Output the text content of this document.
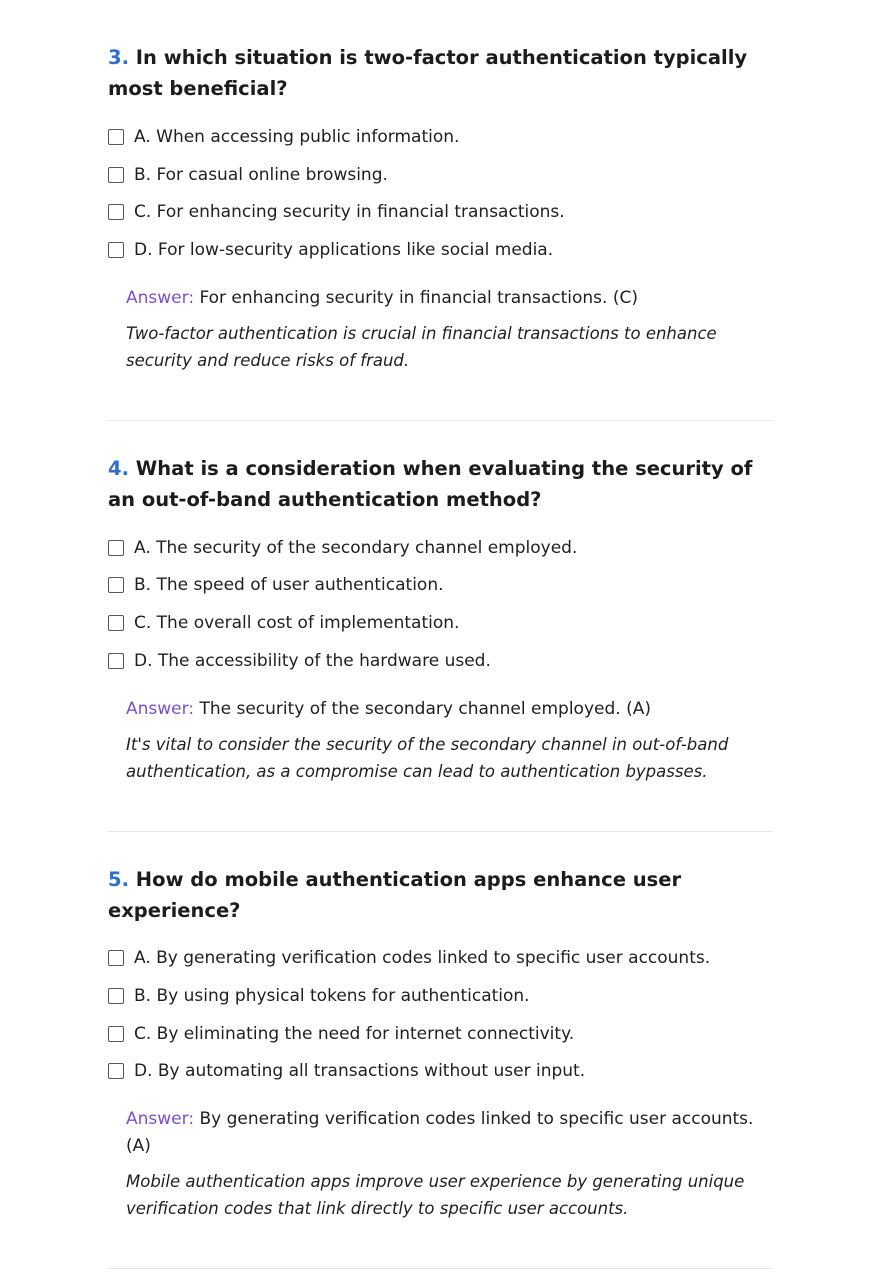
3. In which situation is two-factor authentication typically most beneficial?
A. When accessing public information.
B. For casual online browsing.
C. For enhancing security in financial transactions.
D. For low-security applications like social media.
Answer: For enhancing security in financial transactions. (C)
Two-factor authentication is crucial in financial transactions to enhance security and reduce risks of fraud.
4. What is a consideration when evaluating the security of an out-of-band authentication method?
A. The security of the secondary channel employed.
B. The speed of user authentication.
C. The overall cost of implementation.
D. The accessibility of the hardware used.
Answer: The security of the secondary channel employed. (A)
It's vital to consider the security of the secondary channel in out-of-band authentication, as a compromise can lead to authentication bypasses.
5. How do mobile authentication apps enhance user experience?
A. By generating verification codes linked to specific user accounts.
B. By using physical tokens for authentication.
C. By eliminating the need for internet connectivity.
D. By automating all transactions without user input.
Answer: By generating verification codes linked to specific user accounts. (A)
Mobile authentication apps improve user experience by generating unique verification codes that link directly to specific user accounts.
